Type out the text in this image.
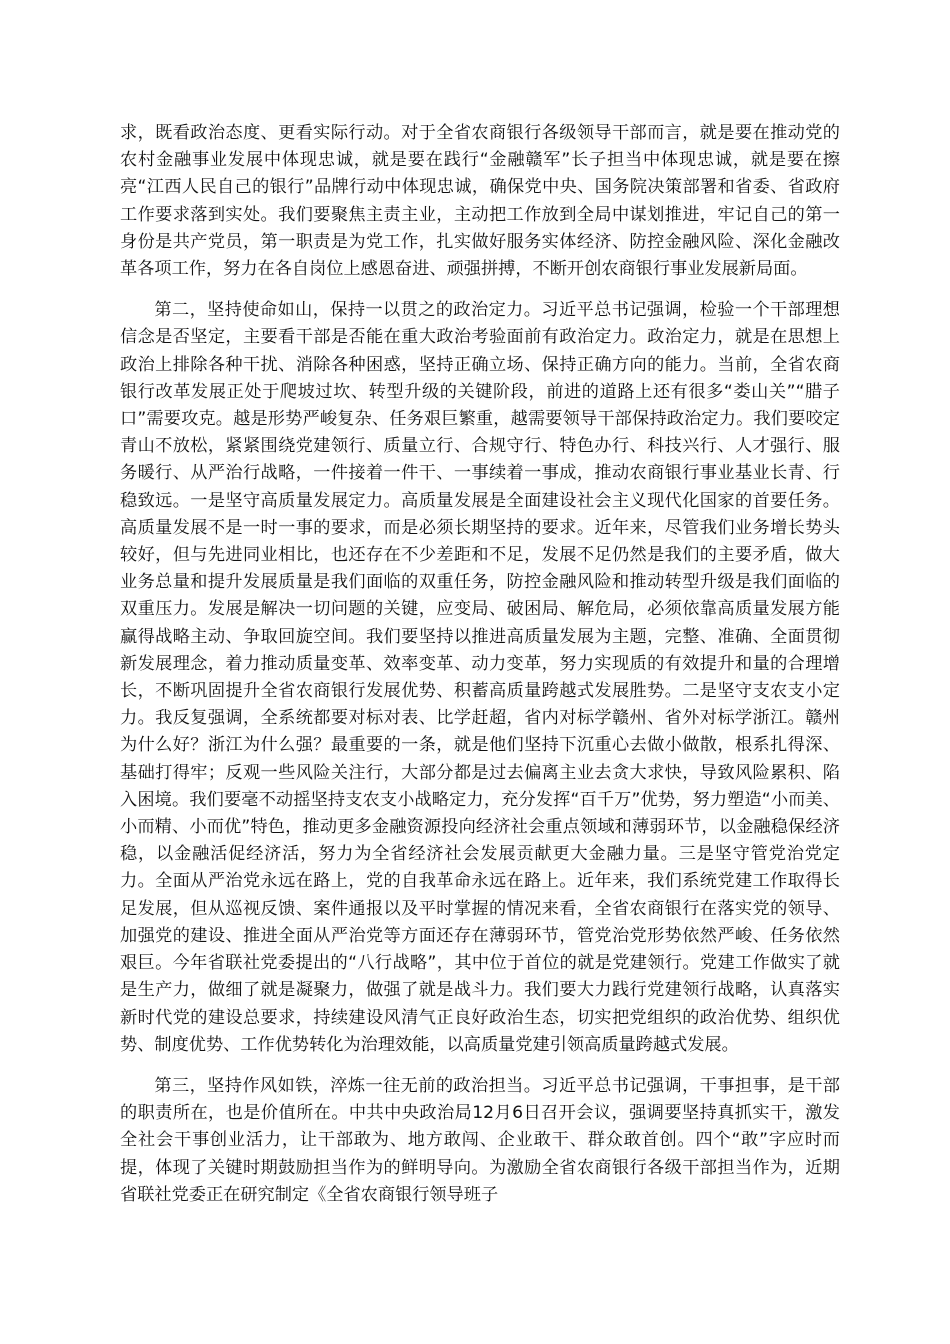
求，既看政治态度、更看实际行动。对于全省农商银行各级领导干部而言，就是要在推动党的农村金融事业发展中体现忠诚，就是要在践行“金融赣军”长子担当中体现忠诚，就是要在擦亮“江西人民自己的银行”品牌行动中体现忠诚，确保党中央、国务院决策部署和省委、省政府工作要求落到实处。我们要聚焦主责主业，主动把工作放到全局中谋划推进，牢记自己的第一身份是共产党员，第一职责是为党工作，扎实做好服务实体经济、防控金融风险、深化金融改革各项工作，努力在各自岗位上感恩奋进、顽强拼搏，不断开创农商银行事业发展新局面。

第二，坚持使命如山，保持一以贯之的政治定力。习近平总书记强调，检验一个干部理想信念是否坚定，主要看干部是否能在重大政治考验面前有政治定力。政治定力，就是在思想上政治上排除各种干扰、消除各种困惑，坚持正确立场、保持正确方向的能力。当前，全省农商银行改革发展正处于爬坡过坎、转型升级的关键阶段，前进的道路上还有很多“娄山关”“腊子口”需要攻克。越是形势严峻复杂、任务艰巨繁重，越需要领导干部保持政治定力。我们要咬定青山不放松，紧紧围绕党建领行、质量立行、合规守行、特色办行、科技兴行、人才强行、服务暖行、从严治行战略，一件接着一件干、一事续着一事成，推动农商银行事业基业长青、行稳致远。一是坚守高质量发展定力。高质量发展是全面建设社会主义现代化国家的首要任务。高质量发展不是一时一事的要求，而是必须长期坚持的要求。近年来，尽管我们业务增长势头较好，但与先进同业相比，也还存在不少差距和不足，发展不足仍然是我们的主要矛盾，做大业务总量和提升发展质量是我们面临的双重任务，防控金融风险和推动转型升级是我们面临的双重压力。发展是解决一切问题的关键，应变局、破困局、解危局，必须依靠高质量发展方能赢得战略主动、争取回旋空间。我们要坚持以推进高质量发展为主题，完整、准确、全面贯彻新发展理念，着力推动质量变革、效率变革、动力变革，努力实现质的有效提升和量的合理增长，不断巩固提升全省农商银行发展优势、积蓄高质量跨越式发展胜势。二是坚守支农支小定力。我反复强调，全系统都要对标对表、比学赶超，省内对标学赣州、省外对标学浙江。赣州为什么好？浙江为什么强？最重要的一条，就是他们坚持下沉重心去做小做散，根系扎得深、基础打得牢；反观一些风险关注行，大部分都是过去偏离主业去贪大求快，导致风险累积、陷入困境。我们要毫不动摇坚持支农支小战略定力，充分发挥“百千万”优势，努力塑造“小而美、小而精、小而优”特色，推动更多金融资源投向经济社会重点领域和薄弱环节，以金融稳保经济稳，以金融活促经济活，努力为全省经济社会发展贡献更大金融力量。三是坚守管党治党定力。全面从严治党永远在路上，党的自我革命永远在路上。近年来，我们系统党建工作取得长足发展，但从巡视反馈、案件通报以及平时掌握的情况来看，全省农商银行在落实党的领导、加强党的建设、推进全面从严治党等方面还存在薄弱环节，管党治党形势依然严峻、任务依然艰巨。今年省联社党委提出的“八行战略”，其中位于首位的就是党建领行。党建工作做实了就是生产力，做细了就是凝聚力，做强了就是战斗力。我们要大力践行党建领行战略，认真落实新时代党的建设总要求，持续建设风清气正良好政治生态，切实把党组织的政治优势、组织优势、制度优势、工作优势转化为治理效能，以高质量党建引领高质量跨越式发展。

第三，坚持作风如铁，淬炼一往无前的政治担当。习近平总书记强调，干事担事，是干部的职责所在，也是价值所在。中共中央政治局12月6日召开会议，强调要坚持真抓实干，激发全社会干事创业活力，让干部敢为、地方敢闯、企业敢干、群众敢首创。四个“敢”字应时而提，体现了关键时期鼓励担当作为的鲜明导向。为激励全省农商银行各级干部担当作为，近期省联社党委正在研究制定《全省农商银行领导班子
